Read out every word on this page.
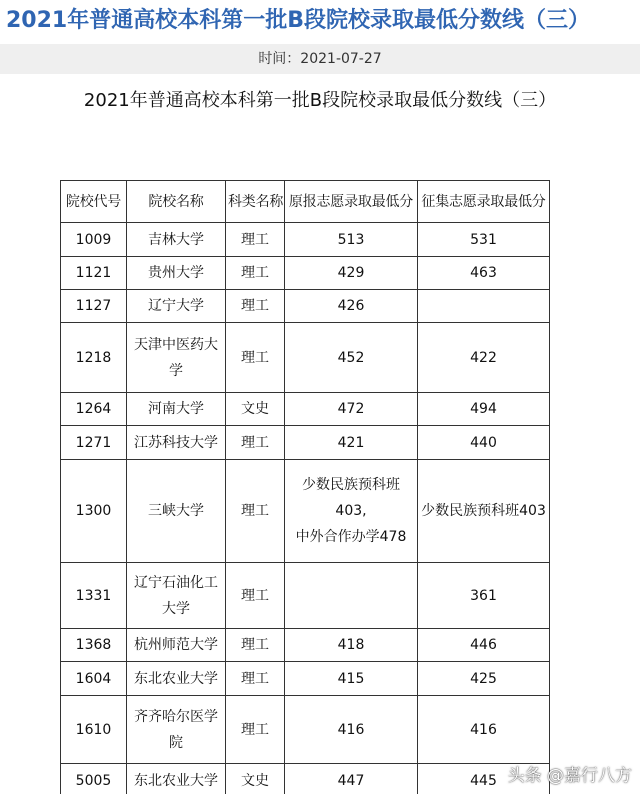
2021年普通高校本科第一批B段院校录取最低分数线（三）
时间：2021-07-27
2021年普通高校本科第一批B段院校录取最低分数线（三）
院校代号	院校名称	科类名称	原报志愿录取最低分	征集志愿录取最低分
1009	吉林大学	理工	513	531
1121	贵州大学	理工	429	463
1127	辽宁大学	理工	426	

1218	天津中医药大学	理工	452	422
1264	河南大学	文史	472	494
1271	江苏科技大学	理工	421	440
1300	三峡大学	理工	少数民族预科班
403,
中外合作办学478	少数民族预科班403
1331	辽宁石油化工大学	理工		361
1368	杭州师范大学	理工	418	446
1604	东北农业大学	理工	415	425
1610	齐齐哈尔医学院	理工	416	416
5005	东北农业大学	文史	447	445 头条 @嘉行八方
